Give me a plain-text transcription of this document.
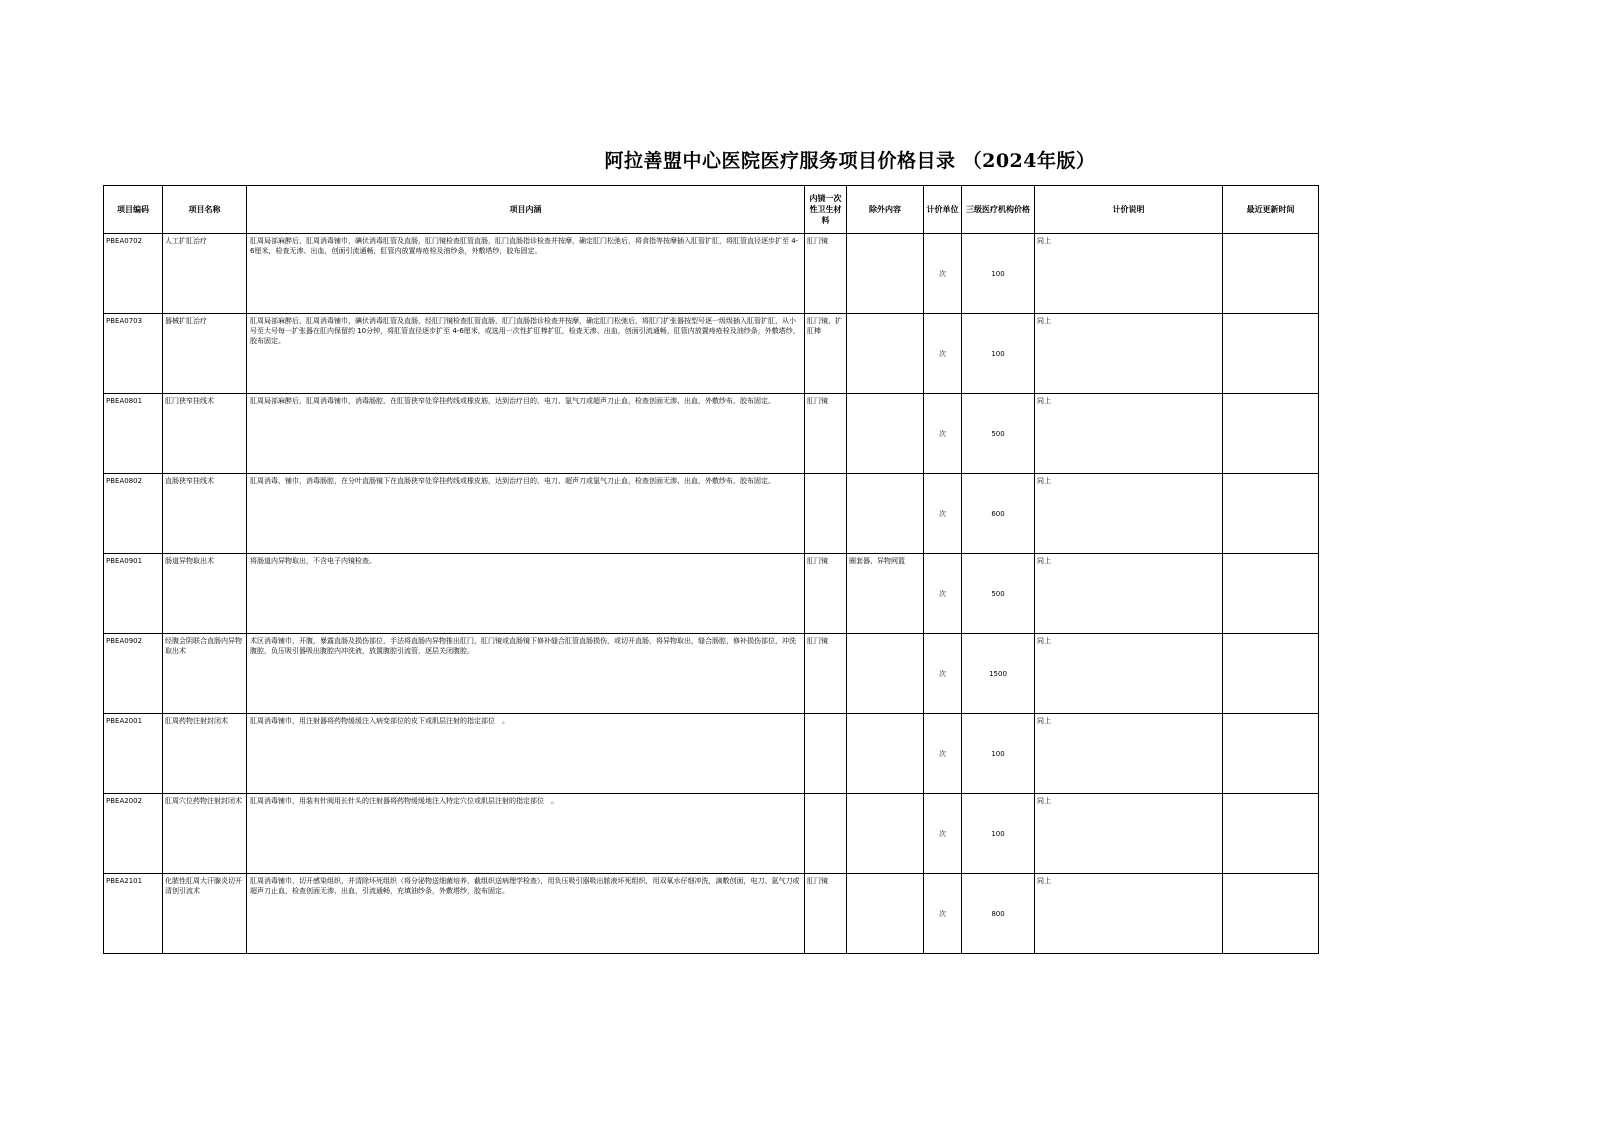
阿拉善盟中心医院医疗服务项目价格目录 （2024年版）
项目编码	项目名称	项目内涵	内镜一次性卫生材料	除外内容	计价单位	三级医疗机构价格	计价说明	最近更新时间
PBEA0702	人工扩肛治疗	肛周局部麻醉后，肛周消毒铺巾，碘伏消毒肛管及直肠，肛门镜检查肛管直肠，肛门直肠指诊检查并按摩，确定肛门松弛后，将食指等按摩插入肛管扩肛，将肛管直径逐步扩至 4-6厘米，检查无渗、出血，创面引流通畅，肛管内放置痔疮栓及油纱条，外敷塔纱，胶布固定。	肛门镜		次	100	同上	
PBEA0703	器械扩肛治疗	肛周局部麻醉后，肛周消毒铺巾，碘伏消毒肛管及直肠，经肛门镜检查肛管直肠，肛门直肠指诊检查并按摩，确定肛门松弛后，将肛门扩张器按型号逐一级级插入肛管扩肛，从小号至大号每一扩张器在肛内保留约 10分钟，将肛管直径逐步扩至 4-6厘米，或选用一次性扩肛棒扩肛，检查无渗、出血，创面引流通畅，肛管内放置痔疮栓及油纱条，外敷塔纱，胶布固定。	肛门镜、扩肛棒		次	100	同上	
PBEA0801	肛门狭窄挂线术	肛周局部麻醉后，肛周消毒铺巾，消毒肠腔，在肛管狭窄处穿挂药线或橡皮筋，达到治疗目的，电刀、氩气刀或超声刀止血，检查创面无渗、出血，外敷纱布，胶布固定。	肛门镜		次	500	同上	
PBEA0802	直肠狭窄挂线术	肛周消毒，铺巾，消毒肠腔，在分叶直肠镜下在直肠狭窄处穿挂药线或橡皮筋，达到治疗目的，电刀、超声刀或氩气刀止血，检查创面无渗、出血，外敷纱布，胶布固定。			次	600	同上	
PBEA0901	肠道异物取出术	将肠道内异物取出，不含电子内镜检查。	肛门镜	圈套器、异物网篮	次	500	同上	
PBEA0902	经腹会阴联合直肠内异物取出术	术区消毒铺巾，开腹，暴露直肠及损伤部位，手法将直肠内异物推出肛门，肛门镜或直肠镜下修补缝合肛管直肠损伤，或切开直肠，将异物取出，缝合肠腔，修补损伤部位，冲洗腹腔，负压吸引器吸出腹腔内冲洗液，放置腹腔引流管，逐层关闭腹腔。	肛门镜		次	1500	同上	
PBEA2001	肛周药物注射封闭术	肛周消毒铺巾，用注射器将药物缓缓注入病变部位的皮下或肌层注射的指定部位　。			次	100	同上	
PBEA2002	肛周穴位药物注射封闭术	肛周消毒铺巾，用装有针阀用长针头的注射器将药物缓缓地注入特定穴位或肌层注射的指定部位　。			次	100	同上	
PBEA2101	化脓性肛周大汗腺炎切开清创引流术	肛周消毒铺巾，切开感染组织，并清除坏死组织（将分泌物送细菌培养，截组织送病理学检查），用负压吸引器吸出脓液坏死组织，用双氧水仔细冲洗，滴敷创面，电刀、氩气刀或超声刀止血，检查创面无渗、出血，引流通畅，充填油纱条，外敷塔纱，胶布固定。	肛门镜		次	800	同上	
